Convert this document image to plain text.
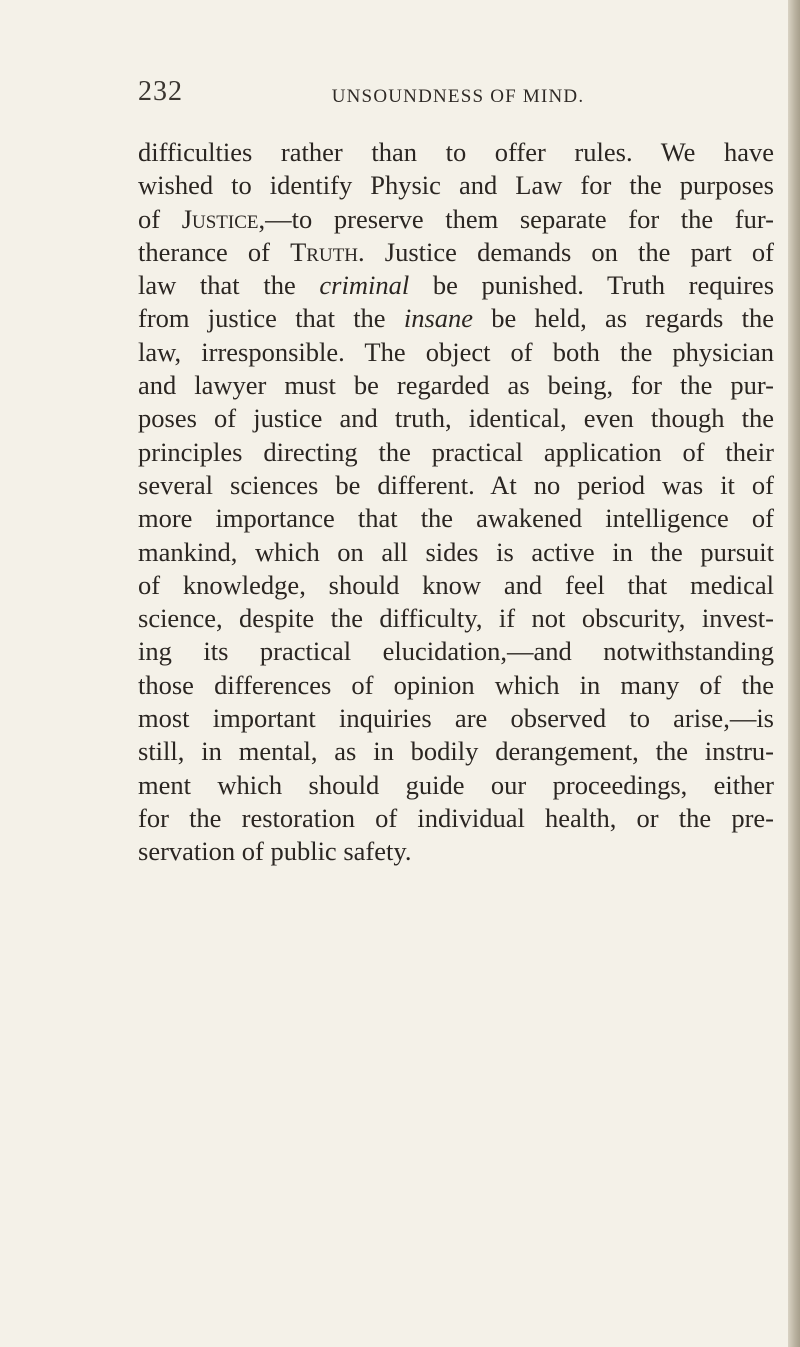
232	UNSOUNDNESS OF MIND.
difficulties rather than to offer rules. We have
wished to identify Physic and Law for the purposes
of Justice,—to preserve them separate for the fur-
therance of Truth. Justice demands on the part of
law that the criminal be punished. Truth requires
from justice that the insane be held, as regards the
law, irresponsible. The object of both the physician
and lawyer must be regarded as being, for the pur-
poses of justice and truth, identical, even though the
principles directing the practical application of their
several sciences be different. At no period was it of
more importance that the awakened intelligence of
mankind, which on all sides is active in the pursuit
of knowledge, should know and feel that medical
science, despite the difficulty, if not obscurity, invest-
ing its practical elucidation,—and notwithstanding
those differences of opinion which in many of the
most important inquiries are observed to arise,—is
still, in mental, as in bodily derangement, the instru-
ment which should guide our proceedings, either
for the restoration of individual health, or the pre-
servation of public safety.
